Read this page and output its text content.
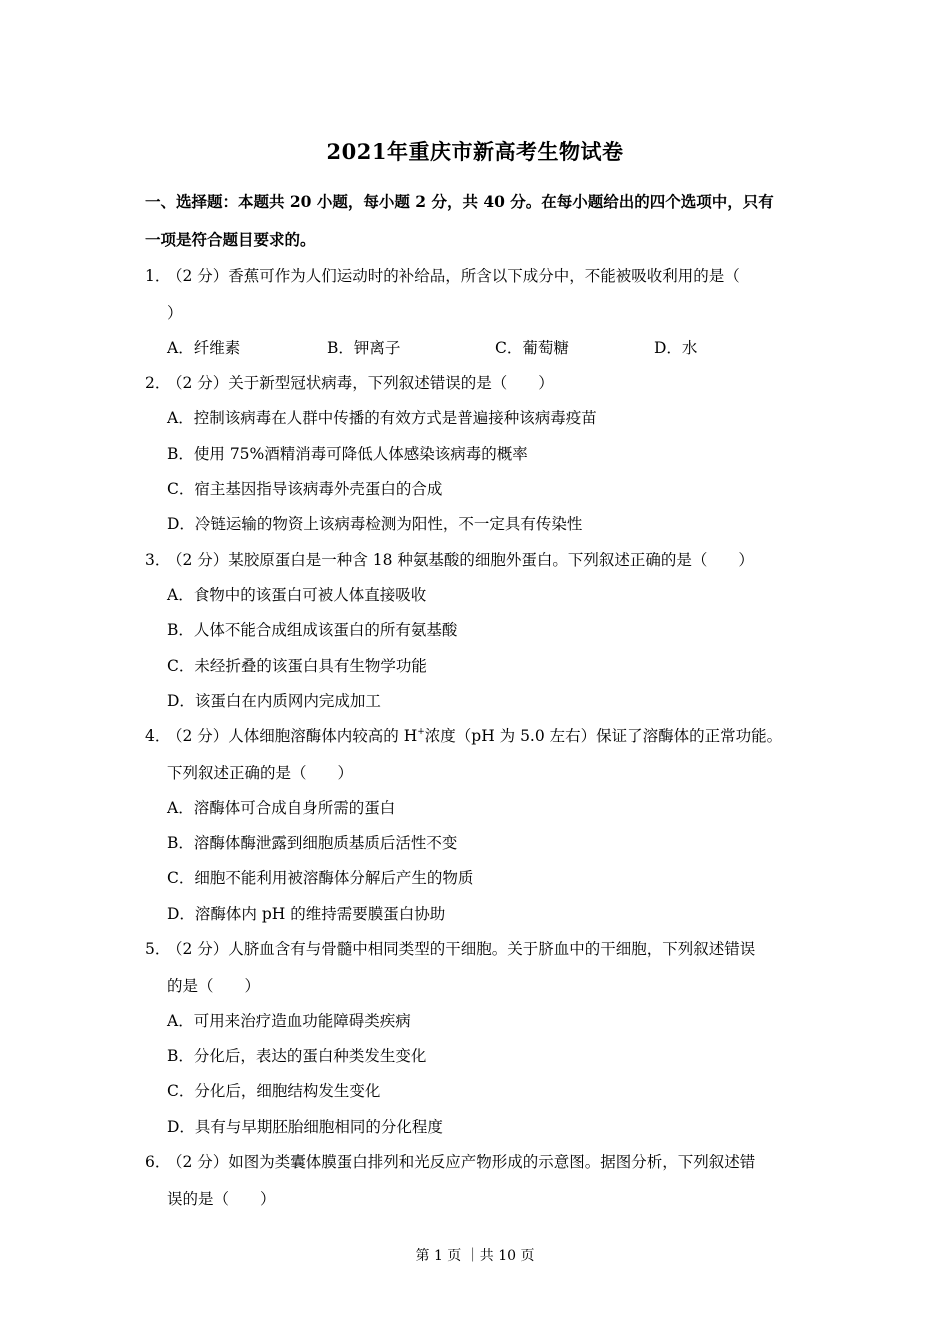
2021年重庆市新高考生物试卷
一、选择题：本题共 20 小题，每小题 2 分，共 40 分。在每小题给出的四个选项中，只有
一项是符合题目要求的。
1．
（2 分）香蕉可作为人们运动时的补给品，所含以下成分中，不能被吸收利用的是（
）
A．纤维素	B．钾离子	C．葡萄糖	D．水
2．
（2 分）关于新型冠状病毒，下列叙述错误的是（　　）
A．控制该病毒在人群中传播的有效方式是普遍接种该病毒疫苗
B．使用 75%酒精消毒可降低人体感染该病毒的概率
C．宿主基因指导该病毒外壳蛋白的合成
D．冷链运输的物资上该病毒检测为阳性，不一定具有传染性
3．
（2 分）某胶原蛋白是一种含 18 种氨基酸的细胞外蛋白。下列叙述正确的是（　　）
A．食物中的该蛋白可被人体直接吸收
B．人体不能合成组成该蛋白的所有氨基酸
C．未经折叠的该蛋白具有生物学功能
D．该蛋白在内质网内完成加工
4．
（2 分）人体细胞溶酶体内较高的 H+浓度（pH 为 5.0 左右）保证了溶酶体的正常功能。
下列叙述正确的是（　　）
A．溶酶体可合成自身所需的蛋白
B．溶酶体酶泄露到细胞质基质后活性不变
C．细胞不能利用被溶酶体分解后产生的物质
D．溶酶体内 pH 的维持需要膜蛋白协助
5．
（2 分）人脐血含有与骨髓中相同类型的干细胞。关于脐血中的干细胞，下列叙述错误
的是（　　）
A．可用来治疗造血功能障碍类疾病
B．分化后，表达的蛋白种类发生变化
C．分化后，细胞结构发生变化
D．具有与早期胚胎细胞相同的分化程度
6．
（2 分）如图为类囊体膜蛋白排列和光反应产物形成的示意图。据图分析，下列叙述错
误的是（　　）
第 1 页 ｜共 10 页
